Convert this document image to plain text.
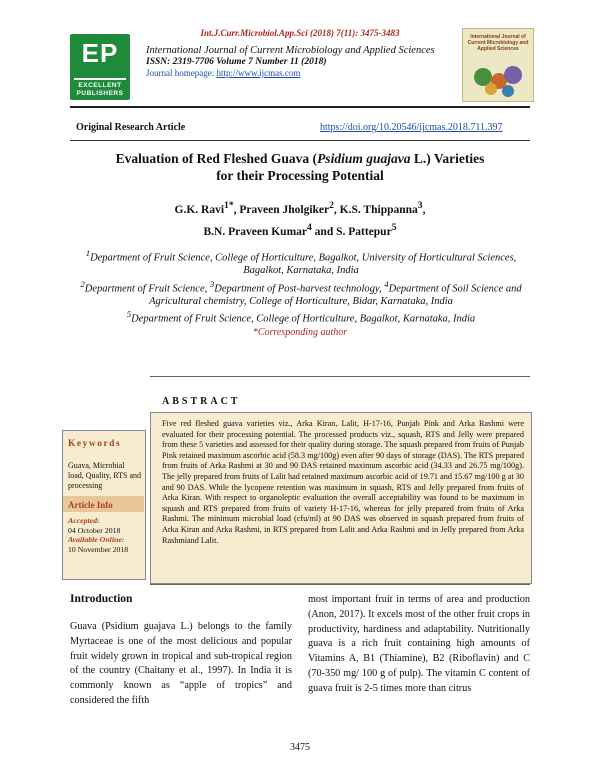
Int.J.Curr.Microbiol.App.Sci (2018) 7(11): 3475-3483
EP
EXCELLENT
PUBLISHERS
International Journal of Current Microbiology and Applied Sciences
ISSN: 2319-7706 Volume 7 Number 11 (2018)
Journal homepage: http://www.ijcmas.com
International Journal of Current Microbiology and Applied Sciences
Original Research Article	https://doi.org/10.20546/ijcmas.2018.711.397
Evaluation of Red Fleshed Guava (Psidium guajava L.) Varieties
for their Processing Potential
G.K. Ravi$^{1*}$, Praveen Jholgiker$^2$, K.S. Thippanna$^3$,
B.N. Praveen Kumar$^4$ and S. Pattepur$^5$
$^1$Department of Fruit Science, College of Horticulture, Bagalkot, University of Horticultural Sciences, Bagalkot, Karnataka, India
$^2$Department of Fruit Science, $^3$Department of Post-harvest technology, $^4$Department of Soil Science and Agricultural chemistry, College of Horticulture, Bidar, Karnataka, India
$^5$Department of Fruit Science, College of Horticulture, Bagalkot, Karnataka, India
*Corresponding author
ABSTRACT
Five red fleshed guava varieties viz., Arka Kiran, Lalit, H-17-16, Punjab Pink and Arka Rashmi were evaluated for their processing potential. The processed products viz., squash, RTS and Jelly were prepared from these 5 varieties and assessed for their quality during storage. The squash prepared from fruits of Punjab Pink retained maximum ascorbic acid (58.3 mg/100g) even after 90 days of storage (DAS). The RTS prepared from fruits of Arka Rashmi at 30 and 90 DAS retained maximum ascorbic acid (34.33 and 26.75 mg/100g). The jelly prepared from fruits of Lalit had retained maximum ascorbic acid of 19.71 and 15.67 mg/100 g at 30 and 90 DAS. While the lycopene retention was maximum in squash, RTS and Jelly prepared from fruits of Arka Kiran. With respect to organoleptic evaluation the overall acceptability was found to be maximum in squash and RTS prepared from fruits of variety H-17-16, whereas for jelly prepared from fruits of Arka Rashmi. The minimum microbial load (cfu/ml) at 90 DAS was observed in squash prepared from fruits of Arka Kiran and Arka Rashmi, in RTS prepared from Lalit and Arka Rashmi and in Jelly prepared from Arka Rashmiand Lalit.
Keywords
Guava, Microbial load, Quality, RTS and processing
Article Info
Accepted:
04 October 2018
Available Online:
10 November 2018
Introduction
Guava (Psidium guajava L.) belongs to the family Myrtaceae is one of the most delicious and popular fruit widely grown in tropical and sub-tropical region of the country (Chaitany et al., 1997). In India it is commonly known as “apple of tropics” and considered the fifth
most important fruit in terms of area and production (Anon, 2017). It excels most of the other fruit crops in productivity, hardiness and adaptability. Nutritionally guava is a rich fruit containing high amounts of Vitamins A, B1 (Thiamine), B2 (Riboflavin) and C (70-350 mg/ 100 g of pulp). The vitamin C content of guava fruit is 2-5 times more than citrus
3475
